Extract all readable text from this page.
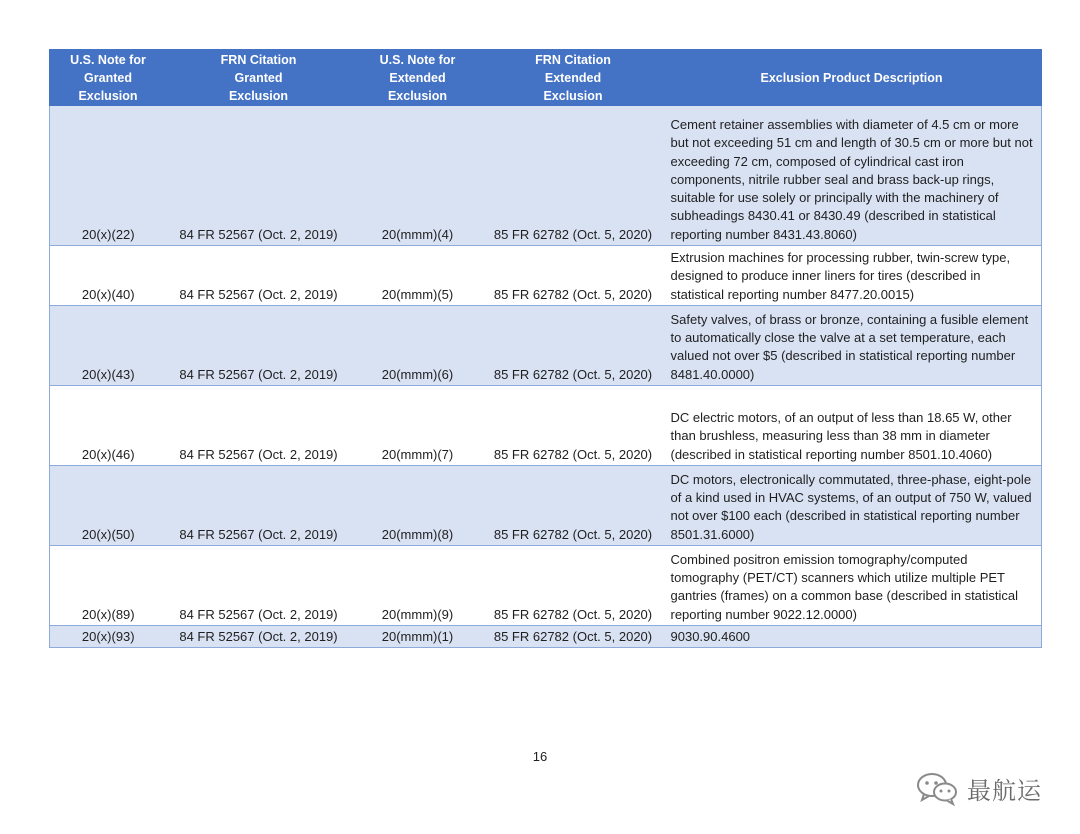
U.S. Note for Granted Exclusion	FRN Citation Granted Exclusion	U.S. Note for Extended Exclusion	FRN Citation Extended Exclusion	Exclusion Product Description
20(x)(22)	84 FR 52567 (Oct. 2, 2019)	20(mmm)(4)	85 FR 62782 (Oct. 5, 2020)	Cement retainer assemblies with diameter of 4.5 cm or more but not exceeding 51 cm and length of 30.5 cm or more but not exceeding 72 cm, composed of cylindrical cast iron components, nitrile rubber seal and brass back-up rings, suitable for use solely or principally with the machinery of subheadings 8430.41 or 8430.49 (described in statistical reporting number 8431.43.8060)
20(x)(40)	84 FR 52567 (Oct. 2, 2019)	20(mmm)(5)	85 FR 62782 (Oct. 5, 2020)	Extrusion machines for processing rubber, twin-screw type, designed to produce inner liners for tires (described in statistical reporting number 8477.20.0015)
20(x)(43)	84 FR 52567 (Oct. 2, 2019)	20(mmm)(6)	85 FR 62782 (Oct. 5, 2020)	Safety valves, of brass or bronze, containing a fusible element to automatically close the valve at a set temperature, each valued not over $5 (described in statistical reporting number 8481.40.0000)
20(x)(46)	84 FR 52567 (Oct. 2, 2019)	20(mmm)(7)	85 FR 62782 (Oct. 5, 2020)	DC electric motors, of an output of less than 18.65 W, other than brushless, measuring less than 38 mm in diameter (described in statistical reporting number 8501.10.4060)
20(x)(50)	84 FR 52567 (Oct. 2, 2019)	20(mmm)(8)	85 FR 62782 (Oct. 5, 2020)	DC motors, electronically commutated, three-phase, eight-pole of a kind used in HVAC systems, of an output of 750 W, valued not over $100 each (described in statistical reporting number 8501.31.6000)
20(x)(89)	84 FR 52567 (Oct. 2, 2019)	20(mmm)(9)	85 FR 62782 (Oct. 5, 2020)	Combined positron emission tomography/computed tomography (PET/CT) scanners which utilize multiple PET gantries (frames) on a common base (described in statistical reporting number 9022.12.0000)
20(x)(93)	84 FR 52567 (Oct. 2, 2019)	20(mmm)(1)	85 FR 62782 (Oct. 5, 2020)	9030.90.4600
16
最航运
